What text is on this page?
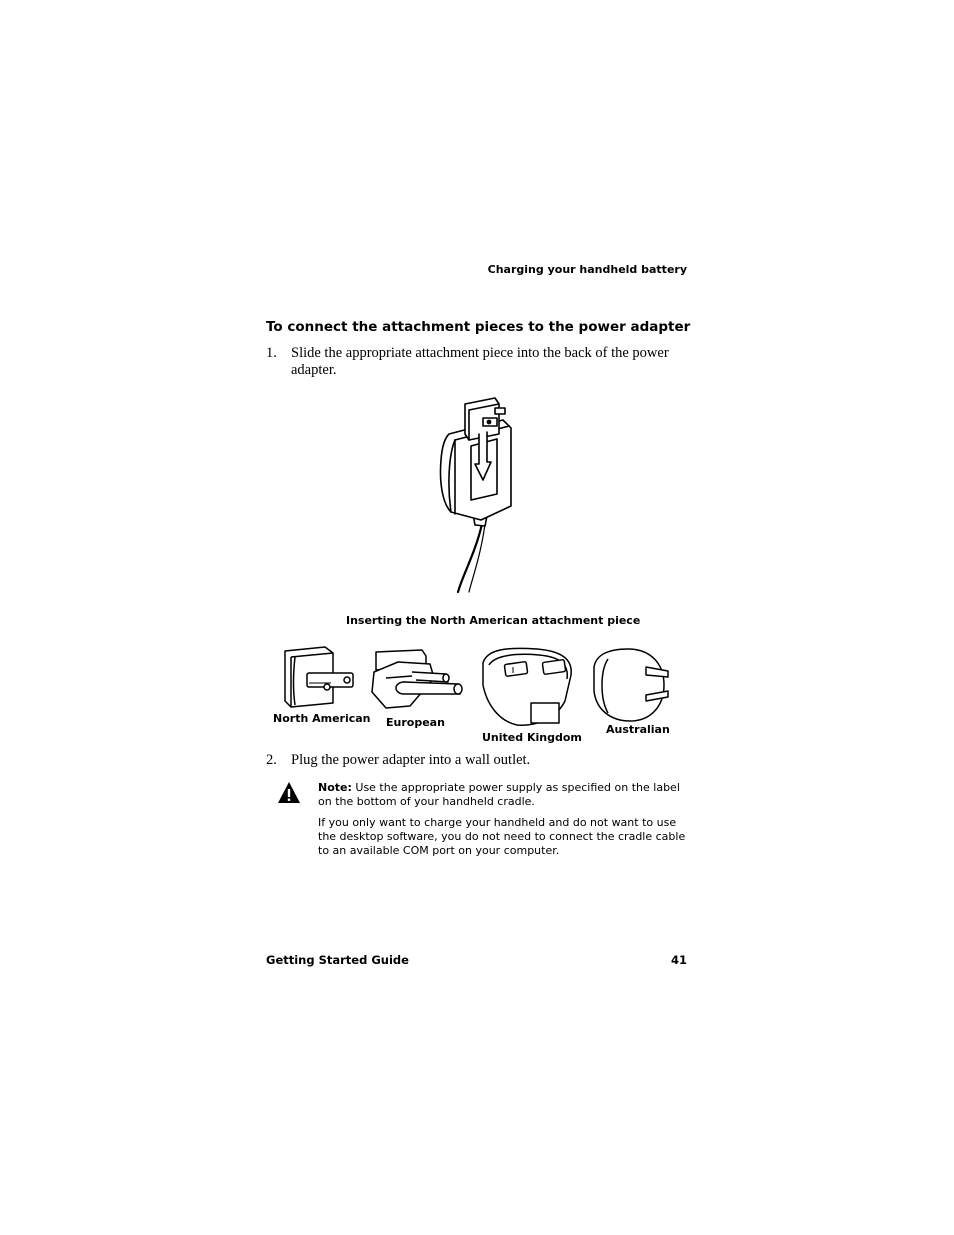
Charging your handheld battery
To connect the attachment pieces to the power adapter
1. Slide the appropriate attachment piece into the back of the power adapter.
Inserting the North American attachment piece
North American European
United Kingdom
Australian
2. Plug the power adapter into a wall outlet.
Note: Use the appropriate power supply as specified on the label on the bottom of your handheld cradle.
If you only want to charge your handheld and do not want to use the desktop software, you do not need to connect the cradle cable to an available COM port on your computer.
Getting Started Guide	41
